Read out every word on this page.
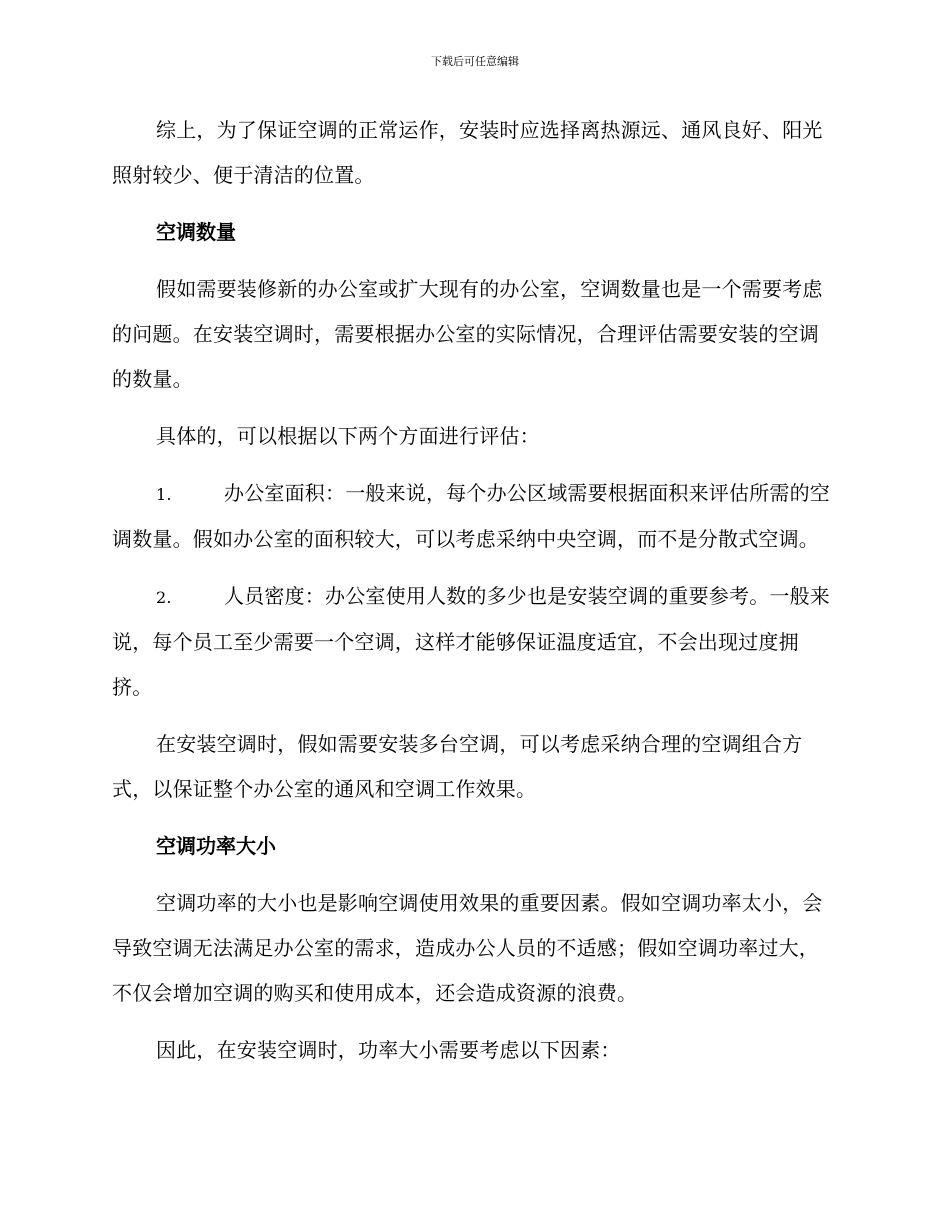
下载后可任意编辑

综上，为了保证空调的正常运作，安装时应选择离热源远、通风良好、阳光照射较少、便于清洁的位置。

空调数量

假如需要装修新的办公室或扩大现有的办公室，空调数量也是一个需要考虑的问题。在安装空调时，需要根据办公室的实际情况，合理评估需要安装的空调的数量。

具体的，可以根据以下两个方面进行评估：

1.	办公室面积：一般来说，每个办公区域需要根据面积来评估所需的空调数量。假如办公室的面积较大，可以考虑采纳中央空调，而不是分散式空调。

2.	人员密度：办公室使用人数的多少也是安装空调的重要参考。一般来说，每个员工至少需要一个空调，这样才能够保证温度适宜，不会出现过度拥挤。

在安装空调时，假如需要安装多台空调，可以考虑采纳合理的空调组合方式，以保证整个办公室的通风和空调工作效果。

空调功率大小

空调功率的大小也是影响空调使用效果的重要因素。假如空调功率太小，会导致空调无法满足办公室的需求，造成办公人员的不适感；假如空调功率过大，不仅会增加空调的购买和使用成本，还会造成资源的浪费。

因此，在安装空调时，功率大小需要考虑以下因素：
